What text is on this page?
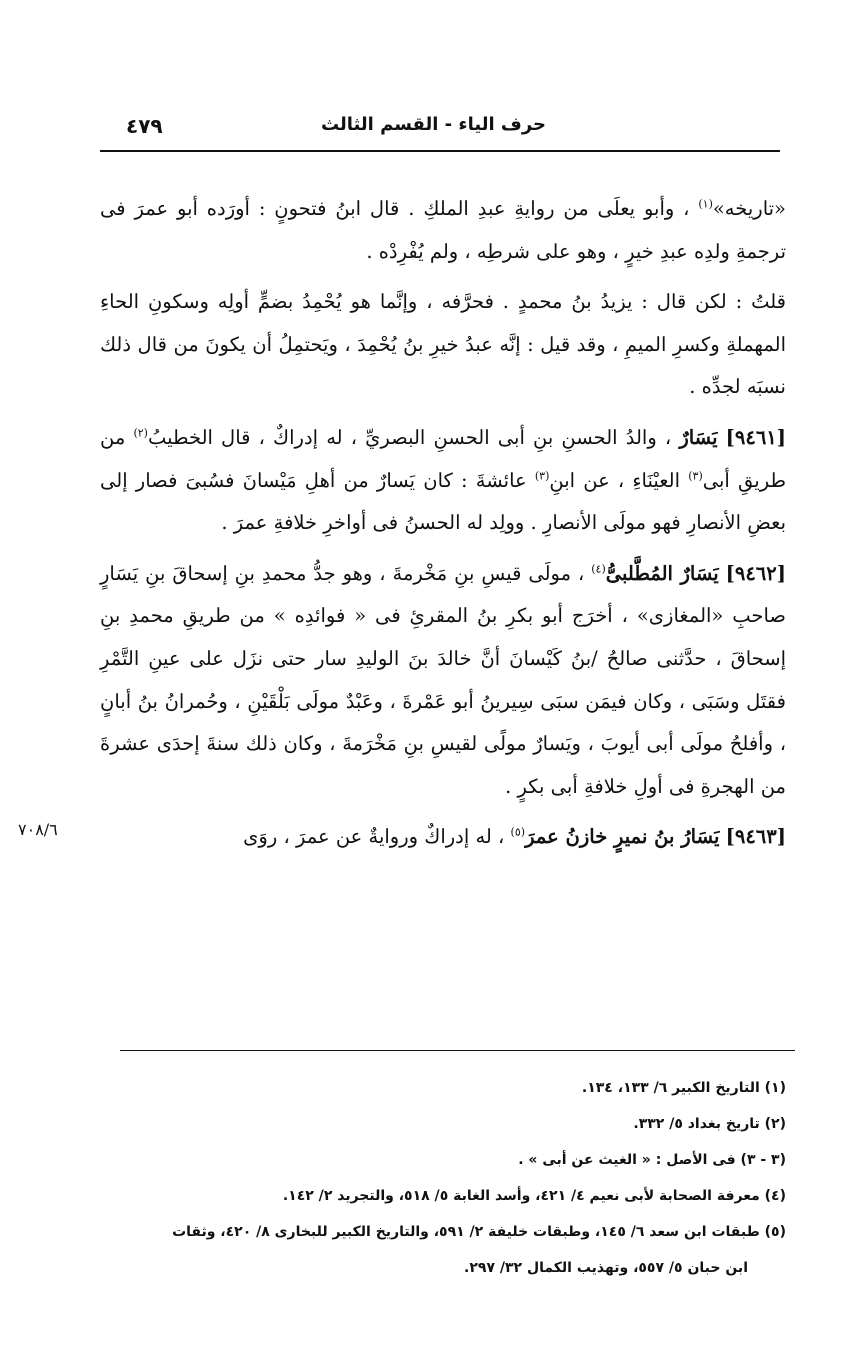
حرف الياء - القسم الثالث
٤٧٩

«تاريخه»$^{(١)}$ ، وأبو يعلَى من روايةِ عبدِ الملكِ . قال ابنُ فتحونٍ : أورَده أبو عمرَ فى ترجمةِ ولدِه عبدِ خيرٍ ، وهو على شرطِه ، ولم يُفْرِدْه .

قلتُ : لكن قال : يزيدُ بنُ محمدٍ . فحرَّفه ، وإنَّما هو يُحْمِدُ بضمٍّ أولِه وسكونِ الحاءِ المهملةِ وكسرِ الميمِ ، وقد قيل : إنَّه عبدُ خيرِ بنُ يُحْمِدَ ، ويَحتمِلُ أن يكونَ من قال ذلك نسبَه لجدِّه .

[٩٤٦١] يَسَارٌ ، والدُ الحسنِ بنِ أبى الحسنِ البصريِّ ، له إدراكٌ ، قال الخطيبُ$^{(٢)}$ من طريقِ أبى$^{(٣)}$ العيْنَاءِ ، عن ابنِ$^{(٣)}$ عائشةَ : كان يَسارٌ من أهلِ مَيْسانَ فسُبىَ فصار إلى بعضِ الأنصارِ فهو مولَى الأنصارِ . وولِد له الحسنُ فى أواخرِ خلافةِ عمرَ .

[٩٤٦٢] يَسَارٌ المُطَّلبىُّ$^{(٤)}$ ، مولَى قيسِ بنِ مَخْرمةَ ، وهو جدُّ محمدِ بنِ إسحاقَ بنِ يَسَارٍ صاحبِ «المغازى» ، أخرَج أبو بكرِ بنُ المقرئِ فى « فوائدِه » من طريقِ محمدِ بنِ إسحاقَ ، حدَّثنى صالحُ /بنُ كَيْسانَ أنَّ خالدَ بنَ الوليدِ سار حتى نزَل على عينِ التَّمْرِ فقتَل وسَبَى ، وكان فيمَن سبَى سِيرينُ أبو عَمْرةَ ، وعَبْدٌ مولَى بَلْقَيْنِ ، وحُمرانُ بنُ أبانٍ ، وأفلحُ مولَى أبى أيوبَ ، ويَسارٌ مولًى لقيسِ بنِ مَخْرَمةَ ، وكان ذلك سنةَ إحدَى عشرةَ من الهجرةِ فى أولِ خلافةِ أبى بكرٍ .

[٩٤٦٣] يَسَارُ بنُ نميرٍ خازنُ عمرَ$^{(٥)}$ ، له إدراكٌ وروايةٌ عن عمرَ ، روَى

٧٠٨/٦

(١) التاريخ الكبير ٦/ ١٣٣، ١٣٤.

(٢) تاريخ بغداد ٥/ ٣٣٢.

(٣ - ٣) فى الأصل : « الغيث عن أبى » .

(٤) معرفة الصحابة لأبى نعيم ٤/ ٤٢١، وأسد الغابة ٥/ ٥١٨، والتجريد ٢/ ١٤٢.

(٥) طبقات ابن سعد ٦/ ١٤٥، وطبقات خليفة ٢/ ٥٩١، والتاريخ الكبير للبخارى ٨/ ٤٢٠، وثقات

ابن حبان ٥/ ٥٥٧، وتهذيب الكمال ٣٢/ ٢٩٧.
